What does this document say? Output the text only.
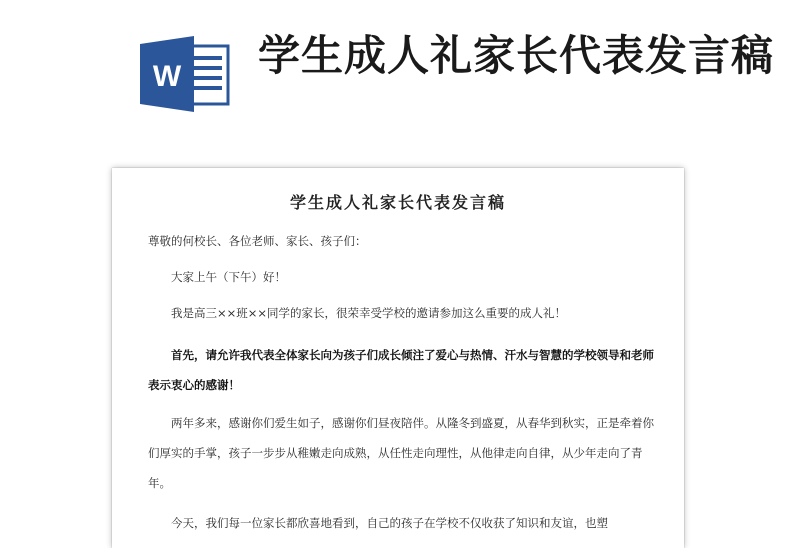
W 学生成人礼家长代表发言稿
学生成人礼家长代表发言稿
尊敬的何校长、各位老师、家长、孩子们：
大家上午（下午）好！
我是高三××班××同学的家长，很荣幸受学校的邀请参加这么重要的成人礼！
首先，请允许我代表全体家长向为孩子们成长倾注了爱心与热情、汗水与智慧的学校领导和老师表示衷心的感谢！
两年多来，感谢你们爱生如子，感谢你们昼夜陪伴。从隆冬到盛夏，从春华到秋实，正是牵着你们厚实的手掌，孩子一步步从稚嫩走向成熟，从任性走向理性，从他律走向自律，从少年走向了青年。
今天，我们每一位家长都欣喜地看到，自己的孩子在学校不仅收获了知识和友谊，也塑
